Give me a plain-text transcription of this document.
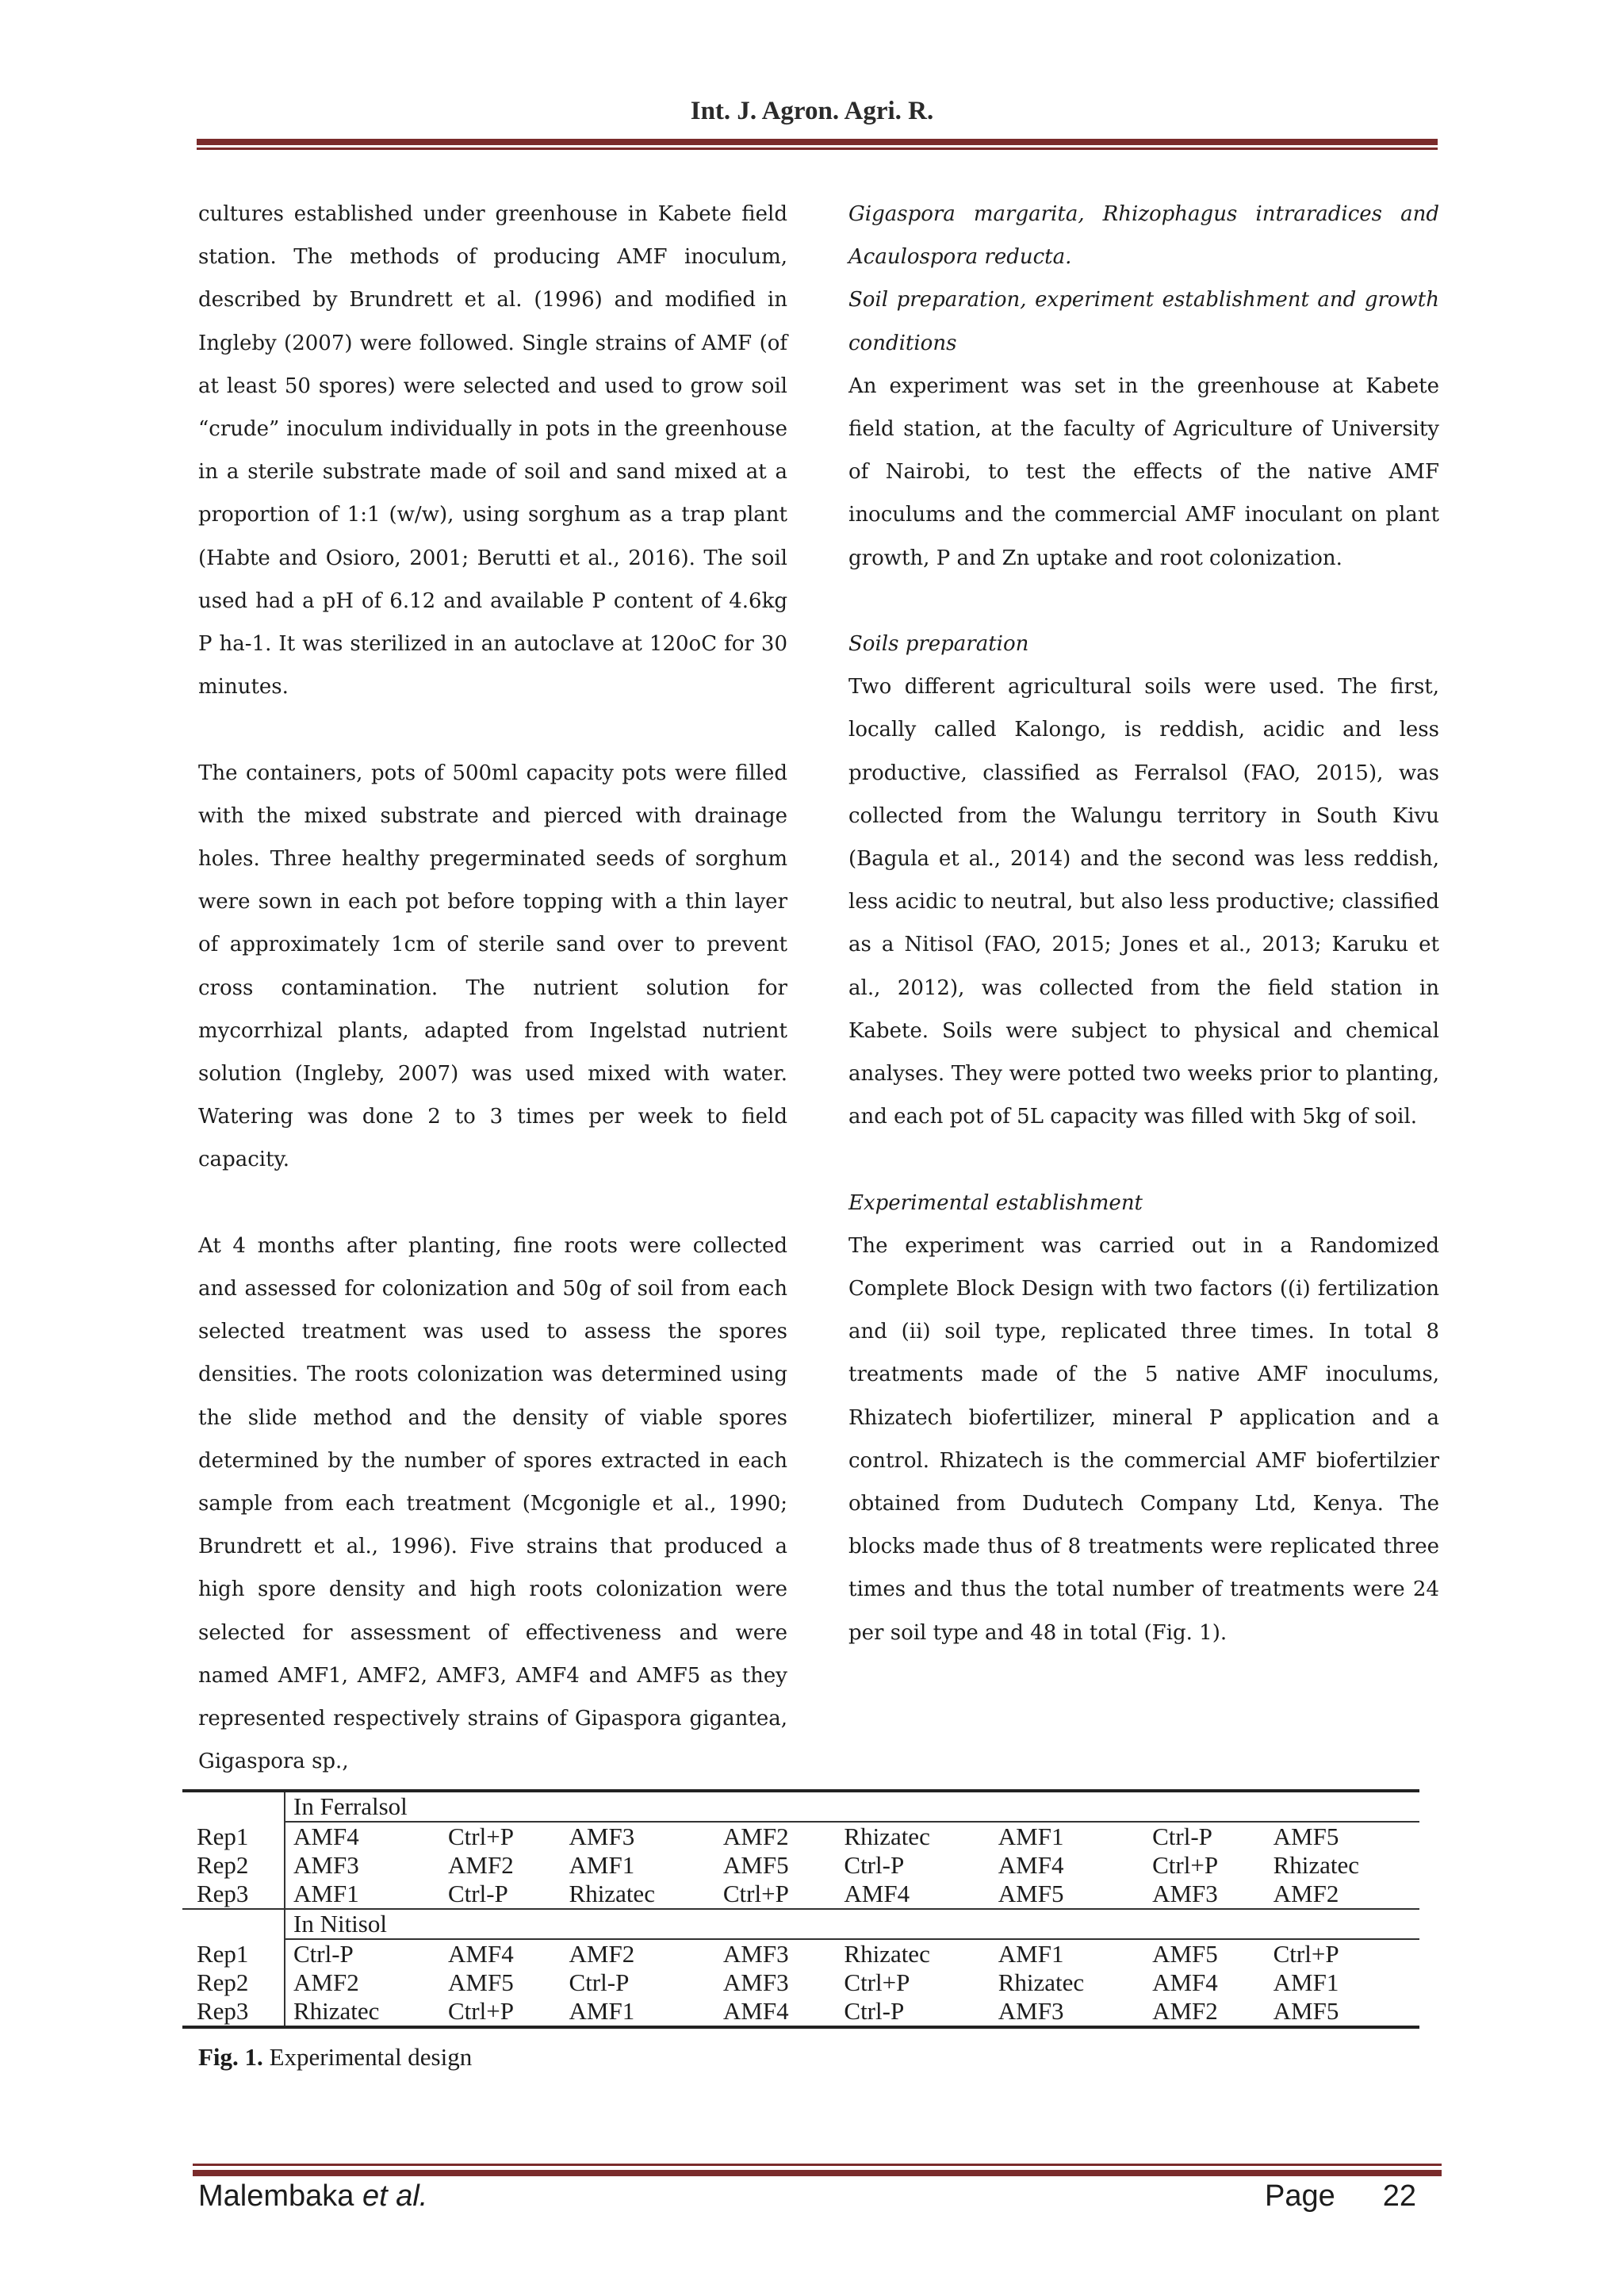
Int. J. Agron. Agri. R.

cultures established under greenhouse in Kabete field station. The methods of producing AMF inoculum, described by Brundrett et al. (1996) and modified in Ingleby (2007) were followed. Single strains of AMF (of at least 50 spores) were selected and used to grow soil “crude” inoculum individually in pots in the greenhouse in a sterile substrate made of soil and sand mixed at a proportion of 1:1 (w/w), using sorghum as a trap plant (Habte and Osioro, 2001; Berutti et al., 2016). The soil used had a pH of 6.12 and available P content of 4.6kg P ha-1. It was sterilized in an autoclave at 120oC for 30 minutes.

The containers, pots of 500ml capacity pots were filled with the mixed substrate and pierced with drainage holes. Three healthy pregerminated seeds of sorghum were sown in each pot before topping with a thin layer of approximately 1cm of sterile sand over to prevent cross contamination. The nutrient solution for mycorrhizal plants, adapted from Ingelstad nutrient solution (Ingleby, 2007) was used mixed with water. Watering was done 2 to 3 times per week to field capacity.

At 4 months after planting, fine roots were collected and assessed for colonization and 50g of soil from each selected treatment was used to assess the spores densities. The roots colonization was determined using the slide method and the density of viable spores determined by the number of spores extracted in each sample from each treatment (Mcgonigle et al., 1990; Brundrett et al., 1996). Five strains that produced a high spore density and high roots colonization were selected for assessment of effectiveness and were named AMF1, AMF2, AMF3, AMF4 and AMF5 as they represented respectively strains of Gipaspora gigantea, Gigaspora sp.,

Gigaspora margarita, Rhizophagus intraradices and Acaulospora reducta.

Soil preparation, experiment establishment and growth conditions

An experiment was set in the greenhouse at Kabete field station, at the faculty of Agriculture of University of Nairobi, to test the effects of the native AMF inoculums and the commercial AMF inoculant on plant growth, P and Zn uptake and root colonization.

Soils preparation

Two different agricultural soils were used. The first, locally called Kalongo, is reddish, acidic and less productive, classified as Ferralsol (FAO, 2015), was collected from the Walungu territory in South Kivu (Bagula et al., 2014) and the second was less reddish, less acidic to neutral, but also less productive; classified as a Nitisol (FAO, 2015; Jones et al., 2013; Karuku et al., 2012), was collected from the field station in Kabete. Soils were subject to physical and chemical analyses. They were potted two weeks prior to planting, and each pot of 5L capacity was filled with 5kg of soil.

Experimental establishment

The experiment was carried out in a Randomized Complete Block Design with two factors ((i) fertilization and (ii) soil type, replicated three times. In total 8 treatments made of the 5 native AMF inoculums, Rhizatech biofertilizer, mineral P application and a control. Rhizatech is the commercial AMF biofertilzier obtained from Dudutech Company Ltd, Kenya. The blocks made thus of 8 treatments were replicated three times and thus the total number of treatments were 24 per soil type and 48 in total (Fig. 1).

	In Ferralsol							
Rep1	AMF4	Ctrl+P	AMF3	AMF2	Rhizatec	AMF1	Ctrl-P	AMF5
Rep2	AMF3	AMF2	AMF1	AMF5	Ctrl-P	AMF4	Ctrl+P	Rhizatec
Rep3	AMF1	Ctrl-P	Rhizatec	Ctrl+P	AMF4	AMF5	AMF3	AMF2
	In Nitisol							
Rep1	Ctrl-P	AMF4	AMF2	AMF3	Rhizatec	AMF1	AMF5	Ctrl+P
Rep2	AMF2	AMF5	Ctrl-P	AMF3	Ctrl+P	Rhizatec	AMF4	AMF1
Rep3	Rhizatec	Ctrl+P	AMF1	AMF4	Ctrl-P	AMF3	AMF2	AMF5
Fig. 1. Experimental design
Malembaka et al.	Page 22
